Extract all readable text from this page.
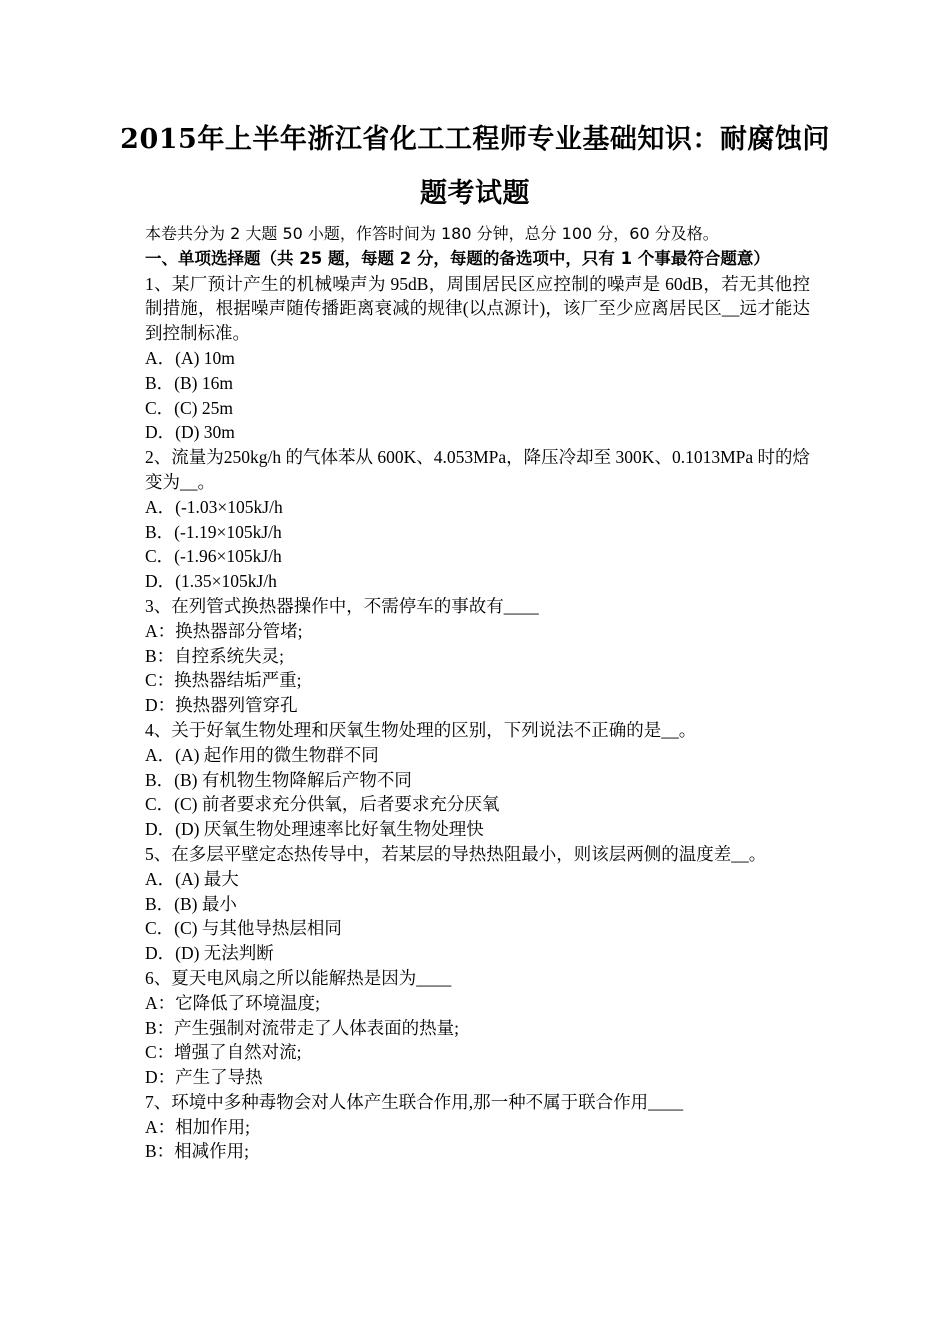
2015年上半年浙江省化工工程师专业基础知识：耐腐蚀问
题考试题
本卷共分为 2 大题 50 小题，作答时间为 180 分钟，总分 100 分，60 分及格。
一、单项选择题（共 25 题，每题 2 分，每题的备选项中，只有 1 个事最符合题意）
1、某厂预计产生的机械噪声为 95dB，周围居民区应控制的噪声是 60dB，若无其他控制措施，根据噪声随传播距离衰减的规律(以点源计)，该厂至少应离居民区__远才能达到控制标准。
A．(A) 10m
B．(B) 16m
C．(C) 25m
D．(D) 30m
2、流量为250kg/h 的气体苯从 600K、4.053MPa，降压冷却至 300K、0.1013MPa 时的焓变为__。
A．(-1.03×105kJ/h
B．(-1.19×105kJ/h
C．(-1.96×105kJ/h
D．(1.35×105kJ/h
3、在列管式换热器操作中，不需停车的事故有____
A：换热器部分管堵;
B：自控系统失灵;
C：换热器结垢严重;
D：换热器列管穿孔
4、关于好氧生物处理和厌氧生物处理的区别，下列说法不正确的是__。
A．(A) 起作用的微生物群不同
B．(B) 有机物生物降解后产物不同
C．(C) 前者要求充分供氧，后者要求充分厌氧
D．(D) 厌氧生物处理速率比好氧生物处理快
5、在多层平壁定态热传导中，若某层的导热热阻最小，则该层两侧的温度差__。
A．(A) 最大
B．(B) 最小
C．(C) 与其他导热层相同
D．(D) 无法判断
6、夏天电风扇之所以能解热是因为____
A：它降低了环境温度;
B：产生强制对流带走了人体表面的热量;
C：增强了自然对流;
D：产生了导热
7、环境中多种毒物会对人体产生联合作用,那一种不属于联合作用____
A：相加作用;
B：相减作用;
